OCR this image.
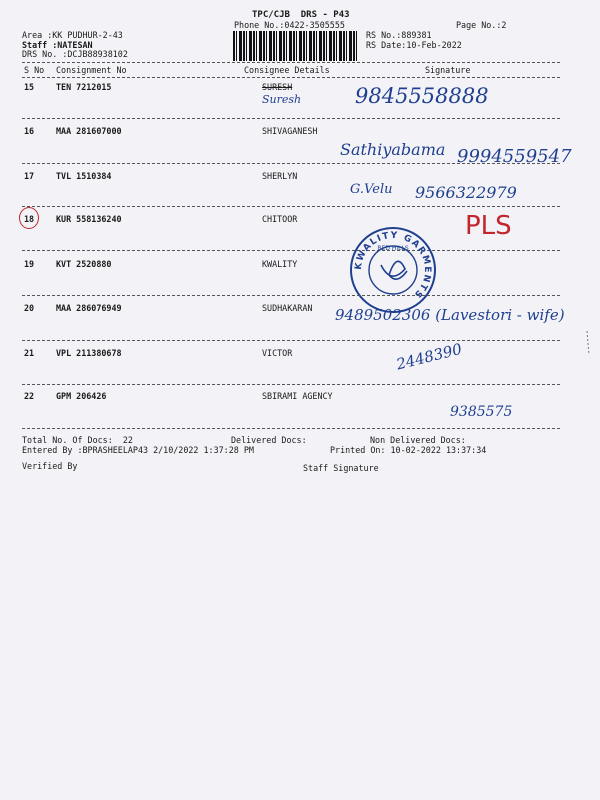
TPC/CJB  DRS - P43
Phone No.:0422-3505555	Page No.:2
Area :KK PUDHUR-2-43
Staff :NATESAN
DRS No. :DCJB88938102
RS No.:889381
RS Date:10-Feb-2022
S No Consignment No	Consignee Details	Signature
15	TEN 7212015	SURESH
Suresh	9845558888
16	MAA 281607000	SHIVAGANESH
Sathiyabama 9994559547
17	TVL 1510384	SHERLYN
G.Velu 9566322979
18	KUR 558136240	CHITOOR	PLS
19	KVT 2520880	KWALITY	KWALITY GARMENTS
RED HILLS
20	MAA 286076949	SUDHAKARAN 9489502306 (Lavestori - wife)
21	VPL 211380678	VICTOR	2448390
22	GPM 206426	SBIRAMI AGENCY
9385575
Total No. Of Docs:  22	Delivered Docs:	Non Delivered Docs:
Entered By :BPRASHEELAP43 2/10/2022 1:37:28 PM	Printed On: 10-02-2022 13:37:34
Verified By	Staff Signature
